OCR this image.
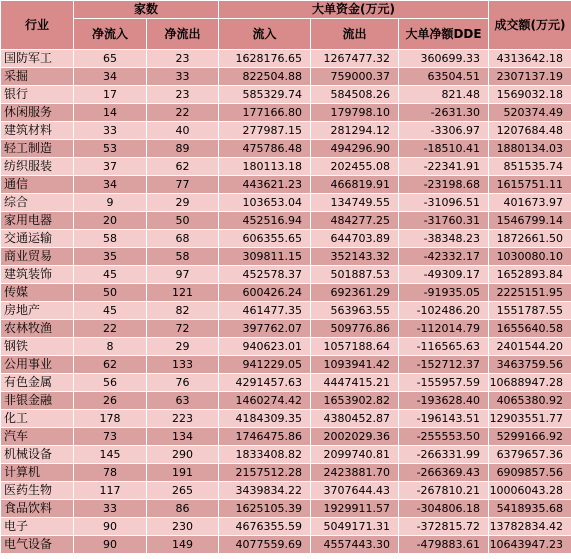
行业	家数		大单资金(万元)			成交额(万元)
	净流入	净流出	流入	流出	大单净额DDE	
国防军工	65	23	1628176.65	1267477.32	360699.33	4313642.18
采掘	34	33	822504.88	759000.37	63504.51	2307137.19
银行	17	23	585329.74	584508.26	821.48	1569032.18
休闲服务	14	22	177166.80	179798.10	-2631.30	520374.49
建筑材料	33	40	277987.15	281294.12	-3306.97	1207684.48
轻工制造	53	89	475786.48	494296.90	-18510.41	1880134.03
纺织服装	37	62	180113.18	202455.08	-22341.91	851535.74
通信	34	77	443621.23	466819.91	-23198.68	1615751.11
综合	9	29	103653.04	134749.55	-31096.51	401673.97
家用电器	20	50	452516.94	484277.25	-31760.31	1546799.14
交通运输	58	68	606355.65	644703.89	-38348.23	1872661.50
商业贸易	35	58	309811.15	352143.32	-42332.17	1030080.10
建筑装饰	45	97	452578.37	501887.53	-49309.17	1652893.84
传媒	50	121	600426.24	692361.29	-91935.05	2225151.95
房地产	45	82	461477.35	563963.55	-102486.20	1551787.55
农林牧渔	22	72	397762.07	509776.86	-112014.79	1655640.58
钢铁	8	29	940623.01	1057188.64	-116565.63	2401544.20
公用事业	62	133	941229.05	1093941.42	-152712.37	3463759.56
有色金属	56	76	4291457.63	4447415.21	-155957.59	10688947.28
非银金融	26	63	1460274.42	1653902.82	-193628.40	4065380.92
化工	178	223	4184309.35	4380452.87	-196143.51	12903551.77
汽车	73	134	1746475.86	2002029.36	-255553.50	5299166.92
机械设备	145	290	1833408.82	2099740.81	-266331.99	6379657.36
计算机	78	191	2157512.28	2423881.70	-266369.43	6909857.56
医药生物	117	265	3439834.22	3707644.43	-267810.21	10006043.28
食品饮料	33	86	1625105.39	1929911.57	-304806.18	5418935.68
电子	90	230	4676355.59	5049171.31	-372815.72	13782834.42
电气设备	90	149	4077559.69	4557443.30	-479883.61	10643947.23
